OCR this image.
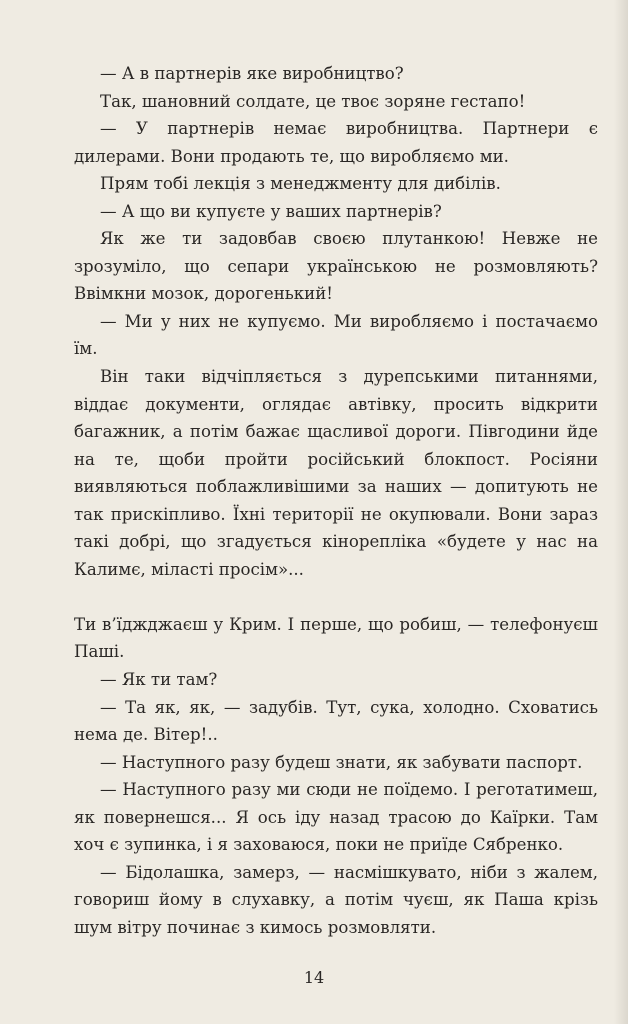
— А в партнерів яке виробництво?

Так, шановний солдате, це твоє зоряне гестапо!

— У партнерів немає виробництва. Партнери є дилерами. Вони продають те, що виробляємо ми.

Прям тобі лекція з менеджменту для дибілів.

— А що ви купуєте у ваших партнерів?

Як же ти задовбав своєю плутанкою! Невже не зрозуміло, що сепари українською не розмовляють? Ввімкни мозок, дорогенький!

— Ми у них не купуємо. Ми виробляємо і постачаємо їм.

Він таки відчіпляється з дурепськими питаннями, віддає документи, оглядає автівку, просить відкрити багажник, а потім бажає щасливої дороги. Півгодини йде на те, щоби пройти російський блокпост. Росіяни виявляються поблажливішими за наших — допитують не так прискіпливо. Їхні території не окупювали. Вони зараз такі добрі, що згадується кінорепліка «будете у нас на Калимє, міласті просім»...

Ти в’їджджаєш у Крим. І перше, що робиш, — телефонуєш Паші.

— Як ти там?

— Та як, як, — задубів. Тут, сука, холодно. Сховатись нема де. Вітер!..

— Наступного разу будеш знати, як забувати паспорт.

— Наступного разу ми сюди не поїдемо. І реготатимеш, як повернешся... Я ось іду назад трасою до Каїрки. Там хоч є зупинка, і я заховаюся, поки не приїде Сябренко.

— Бідолашка, замерз, — насмішкувато, ніби з жалем, говориш йому в слухавку, а потім чуєш, як Паша крізь шум вітру починає з кимось розмовляти.

14
